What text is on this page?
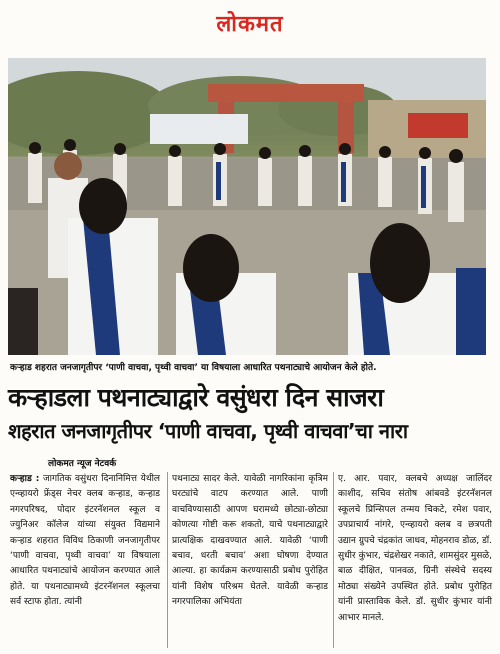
लोकमत
कऱ्हाड शहरात जनजागृतीपर ‘पाणी वाचवा, पृथ्वी वाचवा’ या विषयाला आधारित पथनाट्याचे आयोजन केले होते.
कऱ्हाडला पथनाट्याद्वारे वसुंधरा दिन साजरा
शहरात जनजागृतीपर ‘पाणी वाचवा, पृथ्वी वाचवा’चा नारा
लोकमत न्यूज नेटवर्क

कऱ्हाड : जागतिक वसुंधरा दिनानिमित्त येथील एन्व्हायरो फ्रेंड्स नेचर क्लब कऱ्हाड, कऱ्हाड नगरपरिषद, पोदार इंटरनॅशनल स्कूल व ज्युनिअर कॉलेज यांच्या संयुक्त विद्यमाने कऱ्हाड शहरात विविध ठिकाणी जनजागृतीपर ‘पाणी वाचवा, पृथ्वी वाचवा’ या विषयाला आधारित पथनाट्यांचे आयोजन करण्यात आले होते. या पथनाट्यामध्ये इंटरनॅशनल स्कूलचा सर्व स्टाफ होता. त्यांनी

पथनाट्य सादर केले. यावेळी नागरिकांना कृत्रिम घरट्यांचे वाटप करण्यात आले. पाणी वाचविण्यासाठी आपण घरामध्ये छोट्या-छोट्या कोणत्या गोष्टी करू शकतो, याचे पथनाट्याद्वारे प्रात्यक्षिक दाखवण्यात आले. यावेळी ‘पाणी बचाव, धरती बचाव’ अशा घोषणा देण्यात आल्या. हा कार्यक्रम करण्यासाठी प्रबोध पुरोहित यांनी विशेष परिश्रम घेतले. यावेळी कऱ्हाड नगरपालिका अभियंता

ए. आर. पवार, क्लबचे अध्यक्ष जालिंदर काशीद, सचिव संतोष आंबवडे इंटरनॅशनल स्कूलचे प्रिन्सिपल तन्मय चिकटे, रमेश पवार, उपप्राचार्य नांगरे, एन्व्हायरो क्लब व छत्रपती उद्यान ग्रुपचे चंद्रकांत जाधव, मोहनराव डोळ, डॉ. सुधीर कुंभार, चंद्रशेखर नकाते, शामसुंदर मुसळे, बाळ दीक्षित, पानवळ, ग्रिनी संस्थेचे सदस्य मोठ्या संख्येने उपस्थित होते. प्रबोध पुरोहित यांनी प्रास्ताविक केले. डॉ. सुधीर कुंभार यांनी आभार मानले.
